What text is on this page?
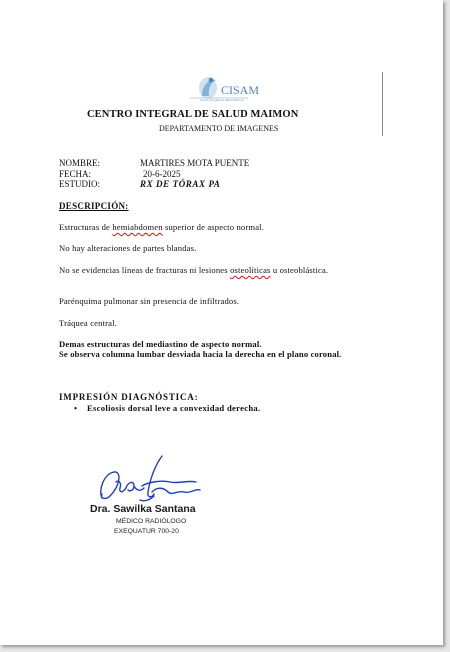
CISAM
Centro Integral de Salud Maimon
CENTRO INTEGRAL DE SALUD MAIMON
DEPARTAMENTO DE IMAGENES
NOMBRE:	MARTIRES MOTA PUENTE
FECHA:	20-6-2025
ESTUDIO:	RX DE TÓRAX PA
DESCRIPCIÓN:
Estructuras de hemiabdomen superior de aspecto normal.
No hay alteraciones de partes blandas.
No se evidencias líneas de fracturas ni lesiones osteolíticas u osteoblástica.
Parénquima pulmonar sin presencia de infiltrados.
Tráquea central.
Demas estructuras del mediastino de aspecto normal.
Se observa columna lumbar desviada hacia la derecha en el plano coronal.
IMPRESIÓN DIAGNÓSTICA:
• Escoliosis dorsal leve a convexidad derecha.
Dra. Sawilka Santana
MÉDICO RADIÓLOGO
EXEQUATUR 700-20
